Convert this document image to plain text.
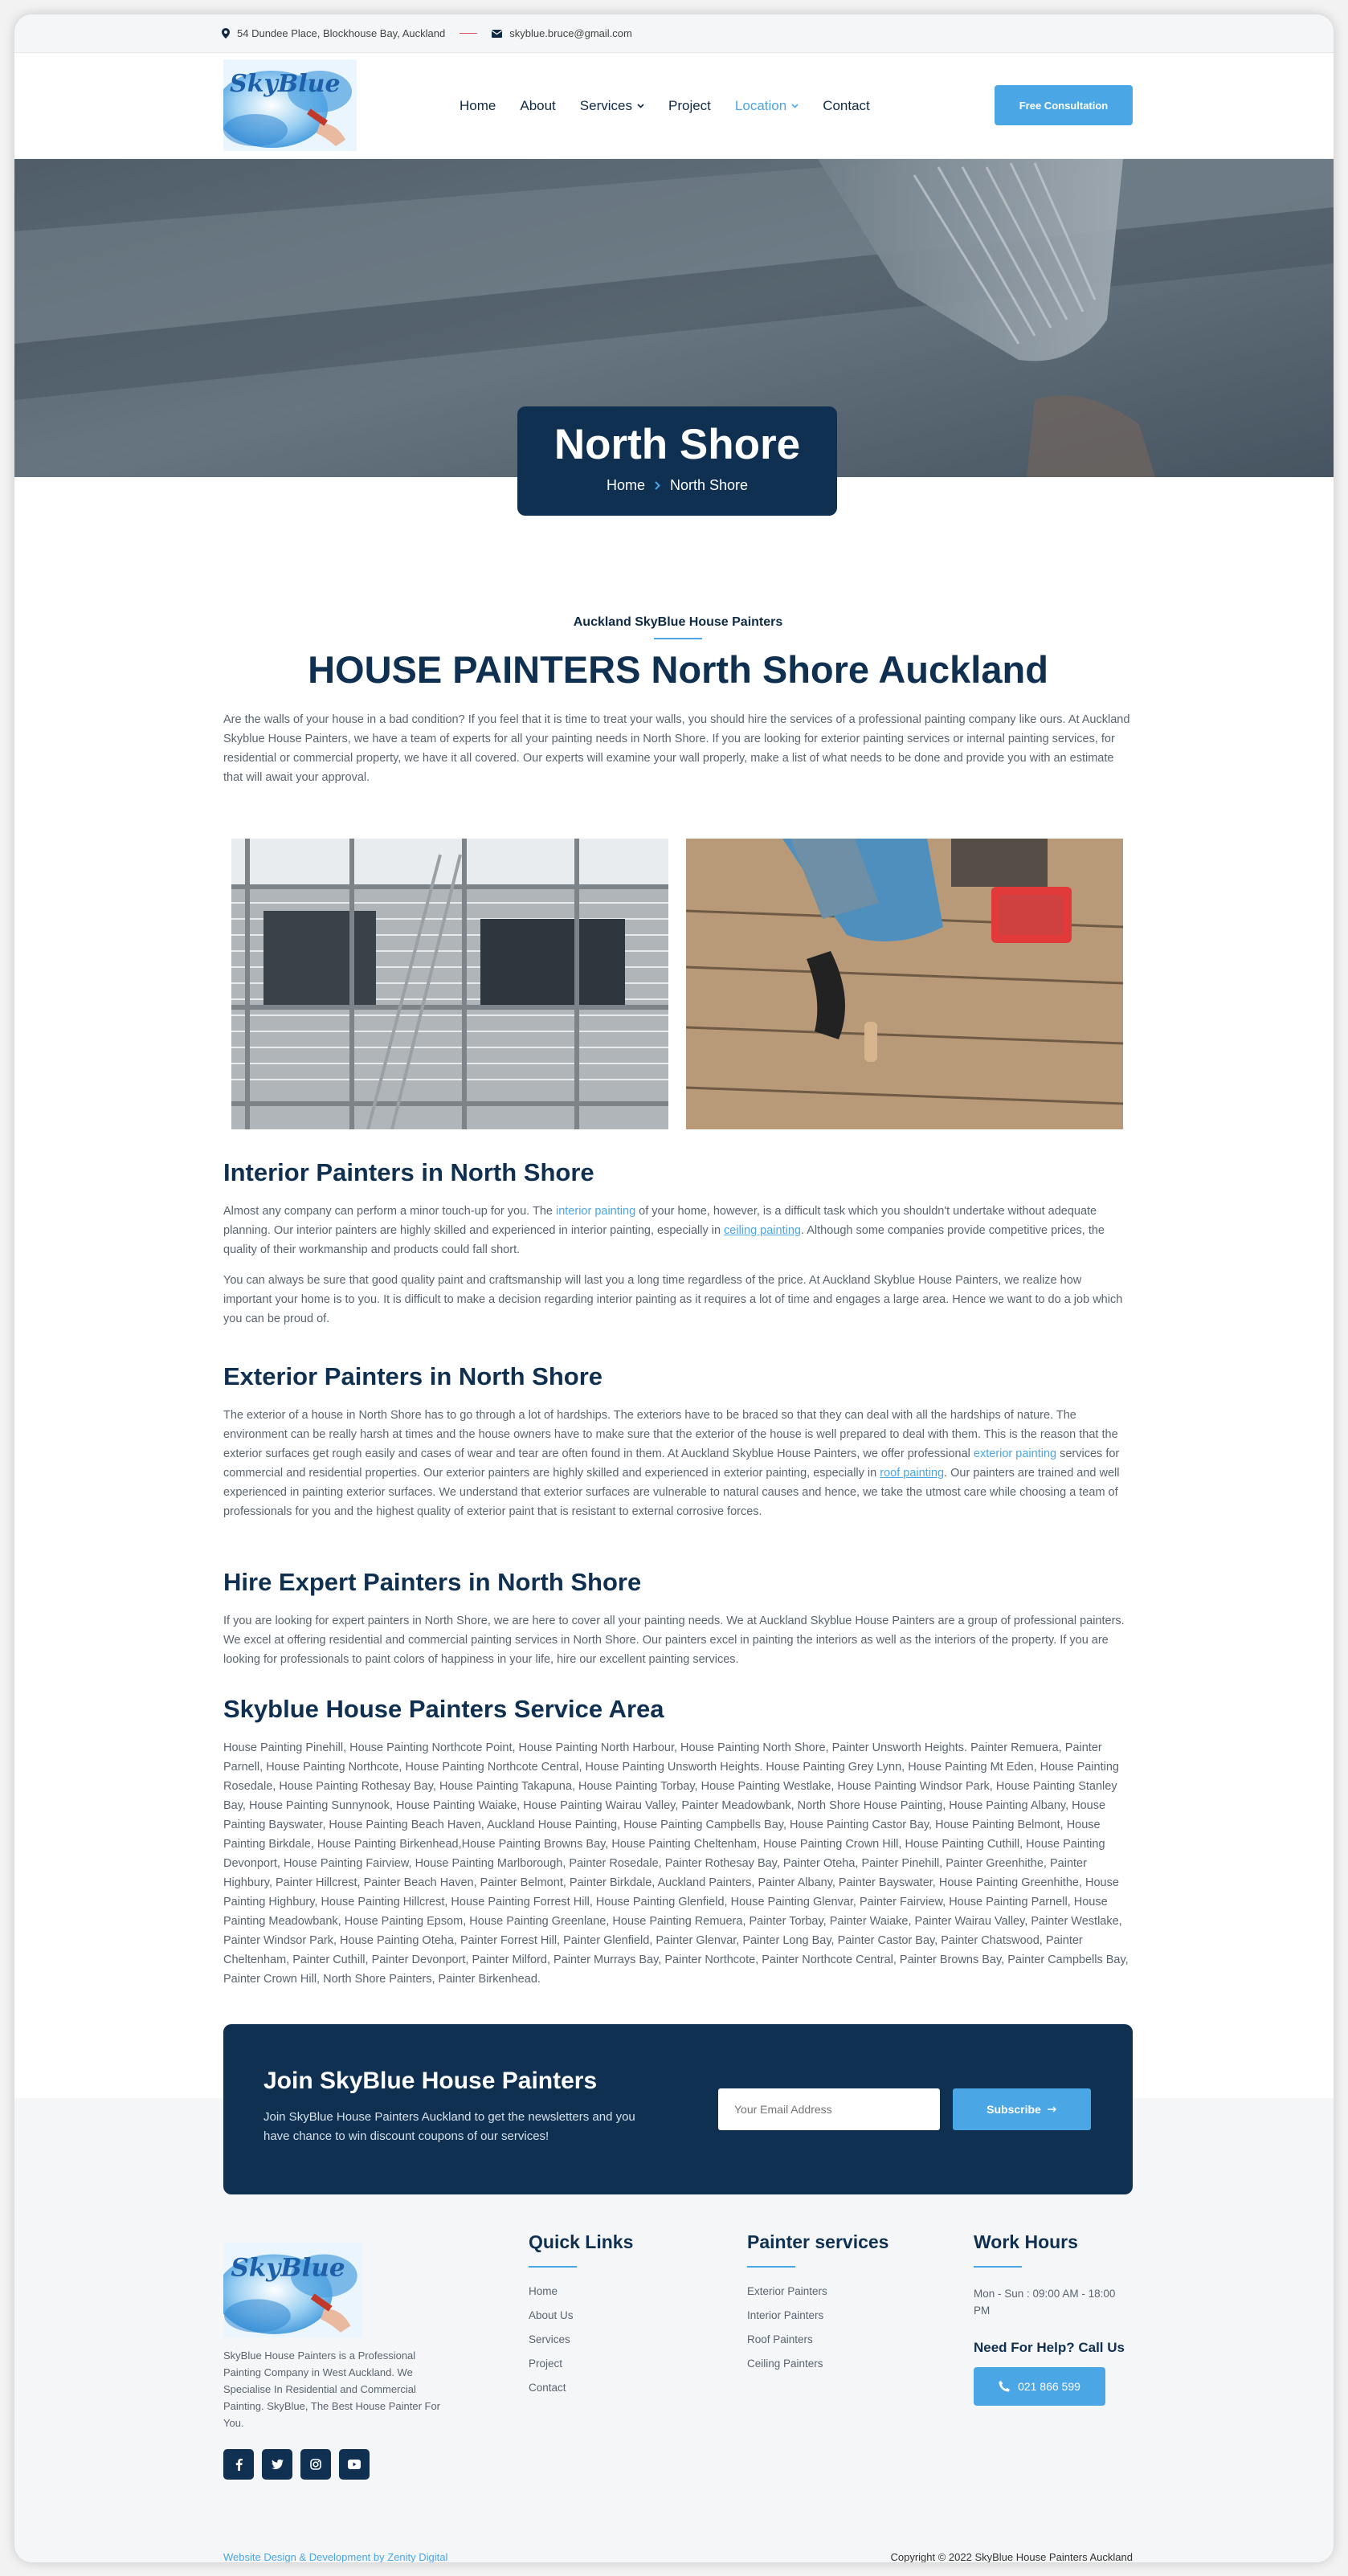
54 Dundee Place, Blockhouse Bay, Auckland	skyblue.bruce@gmail.com
SkyBlue
Home About Services	Project Location	Contact	Free Consultation
North Shore
Home North Shore
Auckland SkyBlue House Painters
HOUSE PAINTERS North Shore Auckland

Are the walls of your house in a bad condition? If you feel that it is time to treat your walls, you should hire the services of a professional painting company like ours. At Auckland Skyblue House Painters, we have a team of experts for all your painting needs in North Shore. If you are looking for exterior painting services or internal painting services, for residential or commercial property, we have it all covered. Our experts will examine your wall properly, make a list of what needs to be done and provide you with an estimate that will await your approval.

Interior Painters in North Shore

Almost any company can perform a minor touch-up for you. The interior painting of your home, however, is a difficult task which you shouldn't undertake without adequate planning. Our interior painters are highly skilled and experienced in interior painting, especially in ceiling painting. Although some companies provide competitive prices, the quality of their workmanship and products could fall short.

You can always be sure that good quality paint and craftsmanship will last you a long time regardless of the price. At Auckland Skyblue House Painters, we realize how important your home is to you. It is difficult to make a decision regarding interior painting as it requires a lot of time and engages a large area. Hence we want to do a job which you can be proud of.

Exterior Painters in North Shore

The exterior of a house in North Shore has to go through a lot of hardships. The exteriors have to be braced so that they can deal with all the hardships of nature. The environment can be really harsh at times and the house owners have to make sure that the exterior of the house is well prepared to deal with them. This is the reason that the exterior surfaces get rough easily and cases of wear and tear are often found in them. At Auckland Skyblue House Painters, we offer professional exterior painting services for commercial and residential properties. Our exterior painters are highly skilled and experienced in exterior painting, especially in roof painting. Our painters are trained and well experienced in painting exterior surfaces. We understand that exterior surfaces are vulnerable to natural causes and hence, we take the utmost care while choosing a team of professionals for you and the highest quality of exterior paint that is resistant to external corrosive forces.

Hire Expert Painters in North Shore

If you are looking for expert painters in North Shore, we are here to cover all your painting needs. We at Auckland Skyblue House Painters are a group of professional painters. We excel at offering residential and commercial painting services in North Shore. Our painters excel in painting the interiors as well as the interiors of the property. If you are looking for professionals to paint colors of happiness in your life, hire our excellent painting services.

Skyblue House Painters Service Area

House Painting Pinehill, House Painting Northcote Point, House Painting North Harbour, House Painting North Shore, Painter Unsworth Heights. Painter Remuera, Painter Parnell, House Painting Northcote, House Painting Northcote Central, House Painting Unsworth Heights. House Painting Grey Lynn, House Painting Mt Eden, House Painting Rosedale, House Painting Rothesay Bay, House Painting Takapuna, House Painting Torbay, House Painting Westlake, House Painting Windsor Park, House Painting Stanley Bay, House Painting Sunnynook, House Painting Waiake, House Painting Wairau Valley, Painter Meadowbank, North Shore House Painting, House Painting Albany, House Painting Bayswater, House Painting Beach Haven, Auckland House Painting, House Painting Campbells Bay, House Painting Castor Bay, House Painting Belmont, House Painting Birkdale, House Painting Birkenhead,House Painting Browns Bay, House Painting Cheltenham, House Painting Crown Hill, House Painting Cuthill, House Painting Devonport, House Painting Fairview, House Painting Marlborough, Painter Rosedale, Painter Rothesay Bay, Painter Oteha, Painter Pinehill, Painter Greenhithe, Painter Highbury, Painter Hillcrest, Painter Beach Haven, Painter Belmont, Painter Birkdale, Auckland Painters, Painter Albany, Painter Bayswater, House Painting Greenhithe, House Painting Highbury, House Painting Hillcrest, House Painting Forrest Hill, House Painting Glenfield, House Painting Glenvar, Painter Fairview, House Painting Parnell, House Painting Meadowbank, House Painting Epsom, House Painting Greenlane, House Painting Remuera, Painter Torbay, Painter Waiake, Painter Wairau Valley, Painter Westlake, Painter Windsor Park, House Painting Oteha, Painter Forrest Hill, Painter Glenfield, Painter Glenvar, Painter Long Bay, Painter Castor Bay, Painter Chatswood, Painter Cheltenham, Painter Cuthill, Painter Devonport, Painter Milford, Painter Murrays Bay, Painter Northcote, Painter Northcote Central, Painter Browns Bay, Painter Campbells Bay, Painter Crown Hill, North Shore Painters, Painter Birkenhead.

SkyBlue

SkyBlue House Painters is a Professional Painting Company in West Auckland. We Specialise In Residential and Commercial Painting. SkyBlue, The Best House Painter For You.

Quick Links
Home
About Us
Services
Project
Contact
Painter services
Exterior Painters
Interior Painters
Roof Painters
Ceiling Painters
Work Hours

Mon - Sun : 09:00 AM - 18:00 PM

Need For Help? Call Us
021 866 599
Website Design & Development by Zenity Digital	Copyright © 2022 SkyBlue House Painters Auckland
Join SkyBlue House Painters

Join SkyBlue House Painters Auckland to get the newsletters and you have chance to win discount coupons of our services!

Your Email Address
Subscribe
